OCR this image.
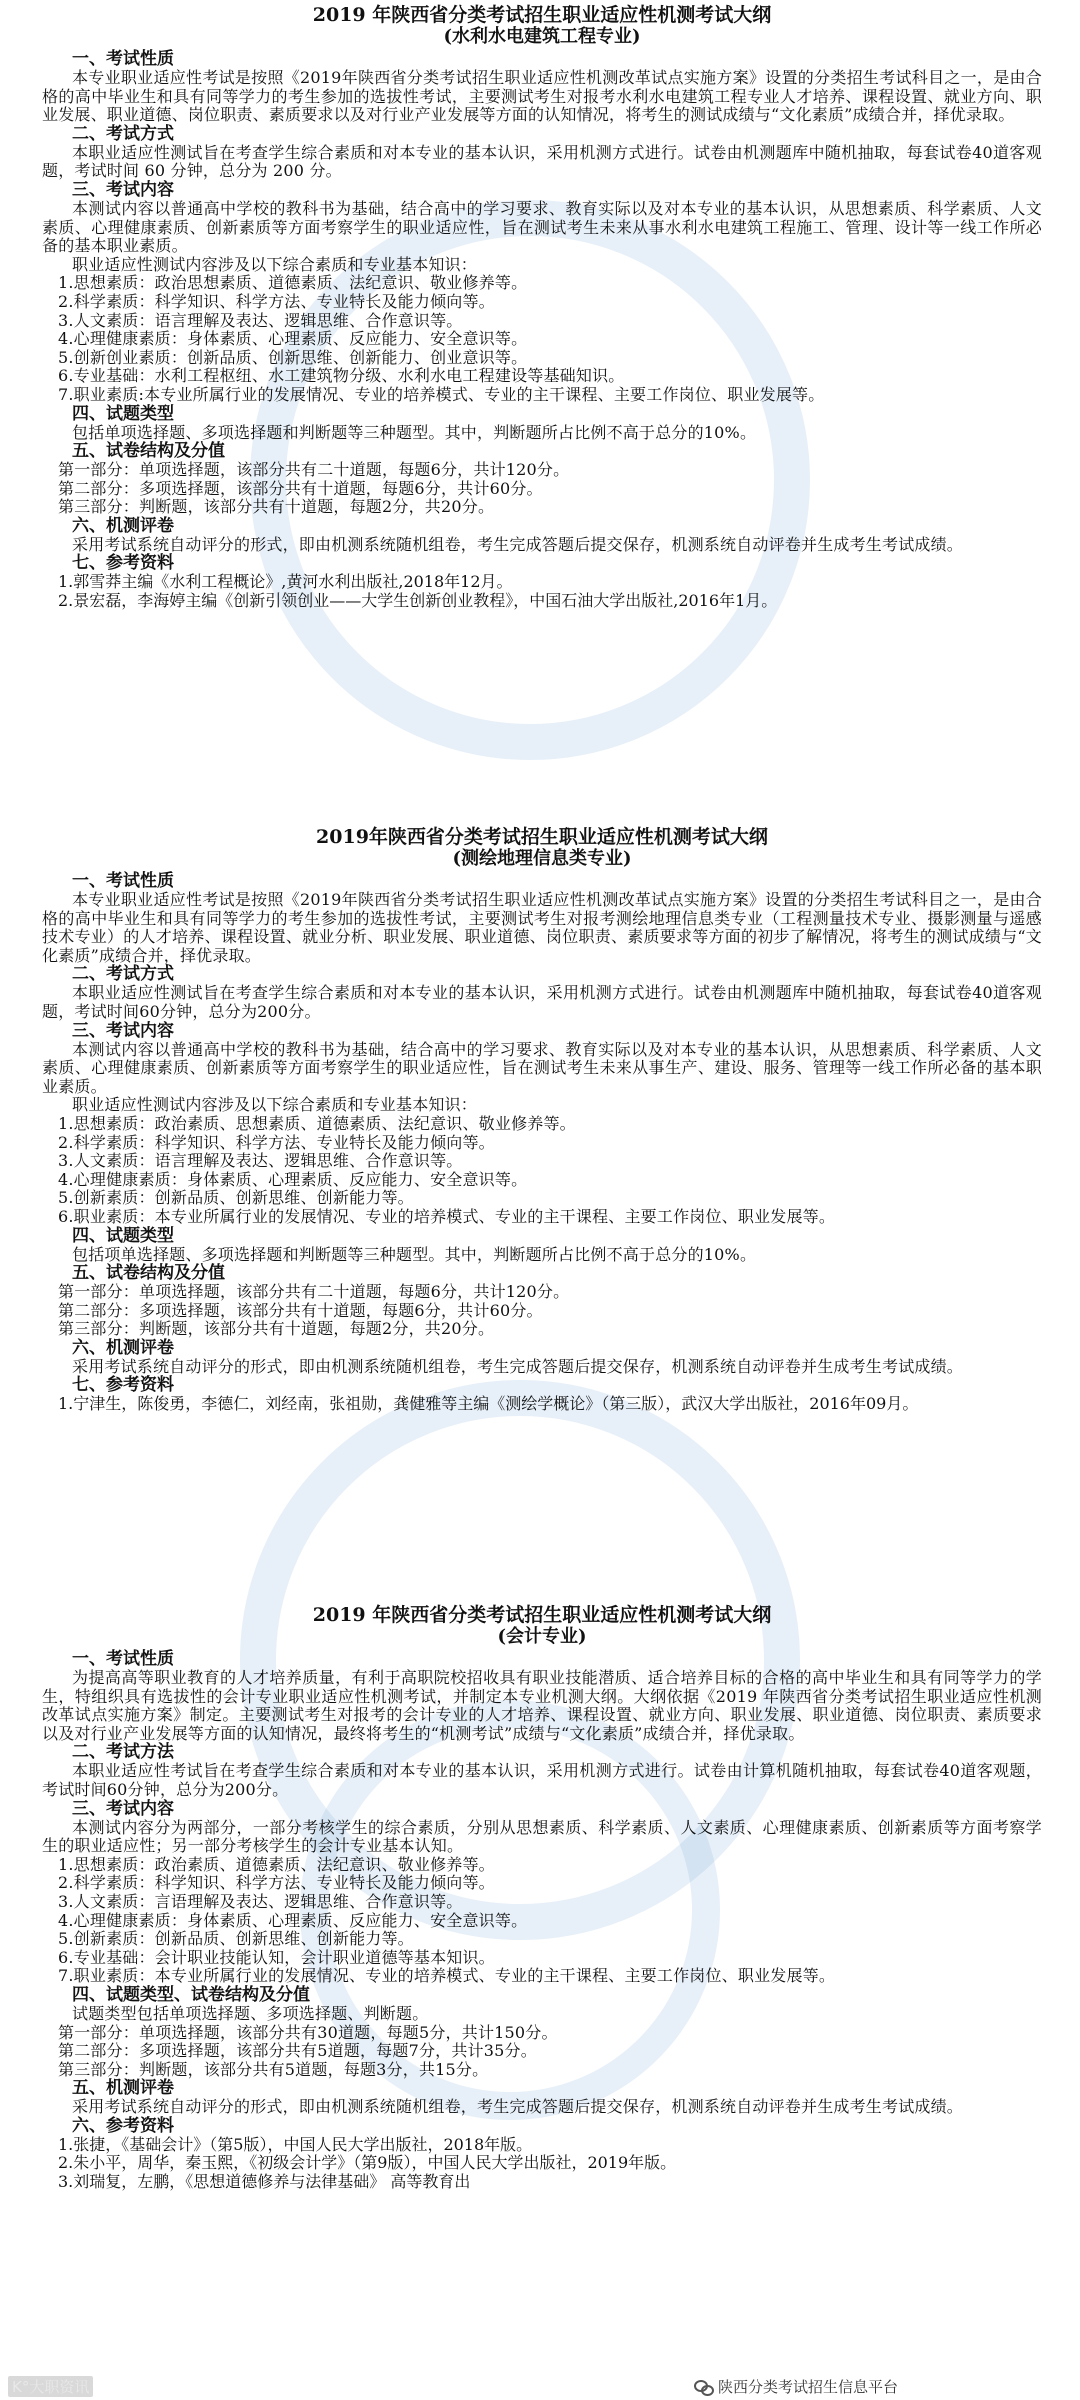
2019 年陕西省分类考试招生职业适应性机测考试大纲

(水利水电建筑工程专业)

一、考试性质

本专业职业适应性考试是按照《2019年陕西省分类考试招生职业适应性机测改革试点实施方案》设置的分类招生考试科目之一，是由合格的高中毕业生和具有同等学力的考生参加的选拔性考试，主要测试考生对报考水利水电建筑工程专业人才培养、课程设置、就业方向、职业发展、职业道德、岗位职责、素质要求以及对行业产业发展等方面的认知情况，将考生的测试成绩与“文化素质”成绩合并，择优录取。

二、考试方式

本职业适应性测试旨在考查学生综合素质和对本专业的基本认识，采用机测方式进行。试卷由机测题库中随机抽取，每套试卷40道客观题，考试时间 60 分钟，总分为 200 分。

三、考试内容

本测试内容以普通高中学校的教科书为基础，结合高中的学习要求、教育实际以及对本专业的基本认识，从思想素质、科学素质、人文素质、心理健康素质、创新素质等方面考察学生的职业适应性，旨在测试考生未来从事水利水电建筑工程施工、管理、设计等一线工作所必备的基本职业素质。

职业适应性测试内容涉及以下综合素质和专业基本知识：

1.思想素质：政治思想素质、道德素质、法纪意识、敬业修养等。

2.科学素质：科学知识、科学方法、专业特长及能力倾向等。

3.人文素质：语言理解及表达、逻辑思维、合作意识等。

4.心理健康素质：身体素质、心理素质、反应能力、安全意识等。

5.创新创业素质：创新品质、创新思维、创新能力、创业意识等。

6.专业基础：水利工程枢纽、水工建筑物分级、水利水电工程建设等基础知识。

7.职业素质:本专业所属行业的发展情况、专业的培养模式、专业的主干课程、主要工作岗位、职业发展等。

四、试题类型

包括单项选择题、多项选择题和判断题等三种题型。其中，判断题所占比例不高于总分的10%。

五、试卷结构及分值

第一部分：单项选择题，该部分共有二十道题，每题6分，共计120分。

第二部分：多项选择题，该部分共有十道题，每题6分，共计60分。

第三部分：判断题，该部分共有十道题，每题2分，共20分。

六、机测评卷

采用考试系统自动评分的形式，即由机测系统随机组卷，考生完成答题后提交保存，机测系统自动评卷并生成考生考试成绩。

七、参考资料

1.郭雪莽主编《水利工程概论》,黄河水利出版社,2018年12月。

2.景宏磊，李海婷主编《创新引领创业——大学生创新创业教程》，中国石油大学出版社,2016年1月。

2019年陕西省分类考试招生职业适应性机测考试大纲

(测绘地理信息类专业)

一、考试性质

本专业职业适应性考试是按照《2019年陕西省分类考试招生职业适应性机测改革试点实施方案》设置的分类招生考试科目之一，是由合格的高中毕业生和具有同等学力的考生参加的选拔性考试，主要测试考生对报考测绘地理信息类专业（工程测量技术专业、摄影测量与遥感技术专业）的人才培养、课程设置、就业分析、职业发展、职业道德、岗位职责、素质要求等方面的初步了解情况，将考生的测试成绩与“文化素质”成绩合并，择优录取。

二、考试方式

本职业适应性测试旨在考查学生综合素质和对本专业的基本认识，采用机测方式进行。试卷由机测题库中随机抽取，每套试卷40道客观题，考试时间60分钟，总分为200分。

三、考试内容

本测试内容以普通高中学校的教科书为基础，结合高中的学习要求、教育实际以及对本专业的基本认识，从思想素质、科学素质、人文素质、心理健康素质、创新素质等方面考察学生的职业适应性，旨在测试考生未来从事生产、建设、服务、管理等一线工作所必备的基本职业素质。

职业适应性测试内容涉及以下综合素质和专业基本知识：

1.思想素质：政治素质、思想素质、道德素质、法纪意识、敬业修养等。

2.科学素质：科学知识、科学方法、专业特长及能力倾向等。

3.人文素质：语言理解及表达、逻辑思维、合作意识等。

4.心理健康素质：身体素质、心理素质、反应能力、安全意识等。

5.创新素质：创新品质、创新思维、创新能力等。

6.职业素质：本专业所属行业的发展情况、专业的培养模式、专业的主干课程、主要工作岗位、职业发展等。

四、试题类型

包括项单选择题、多项选择题和判断题等三种题型。其中，判断题所占比例不高于总分的10%。

五、试卷结构及分值

第一部分：单项选择题，该部分共有二十道题，每题6分，共计120分。

第二部分：多项选择题，该部分共有十道题，每题6分，共计60分。

第三部分：判断题，该部分共有十道题，每题2分，共20分。

六、机测评卷

采用考试系统自动评分的形式，即由机测系统随机组卷，考生完成答题后提交保存，机测系统自动评卷并生成考生考试成绩。

七、参考资料

1.宁津生，陈俊勇，李德仁，刘经南，张祖勋，龚健雅等主编《测绘学概论》（第三版），武汉大学出版社，2016年09月。

2019 年陕西省分类考试招生职业适应性机测考试大纲

(会计专业)

一、考试性质

为提高高等职业教育的人才培养质量，有利于高职院校招收具有职业技能潜质、适合培养目标的合格的高中毕业生和具有同等学力的学生，特组织具有选拔性的会计专业职业适应性机测考试，并制定本专业机测大纲。大纲依据《2019 年陕西省分类考试招生职业适应性机测改革试点实施方案》制定。主要测试考生对报考的会计专业的人才培养、课程设置、就业方向、职业发展、职业道德、岗位职责、素质要求以及对行业产业发展等方面的认知情况，最终将考生的“机测考试”成绩与“文化素质”成绩合并，择优录取。

二、考试方法

本职业适应性考试旨在考查学生综合素质和对本专业的基本认识，采用机测方式进行。试卷由计算机随机抽取，每套试卷40道客观题，考试时间60分钟，总分为200分。

三、考试内容

本测试内容分为两部分，一部分考核学生的综合素质，分别从思想素质、科学素质、人文素质、心理健康素质、创新素质等方面考察学生的职业适应性；另一部分考核学生的会计专业基本认知。

1.思想素质：政治素质、道德素质、法纪意识、敬业修养等。

2.科学素质：科学知识、科学方法、专业特长及能力倾向等。

3.人文素质：言语理解及表达、逻辑思维、合作意识等。

4.心理健康素质：身体素质、心理素质、反应能力、安全意识等。

5.创新素质：创新品质、创新思维、创新能力等。

6.专业基础：会计职业技能认知，会计职业道德等基本知识。

7.职业素质：本专业所属行业的发展情况、专业的培养模式、专业的主干课程、主要工作岗位、职业发展等。

四、试题类型、试卷结构及分值

试题类型包括单项选择题、多项选择题、判断题。

第一部分：单项选择题，该部分共有30道题，每题5分，共计150分。

第二部分：多项选择题，该部分共有5道题，每题7分，共计35分。

第三部分：判断题，该部分共有5道题，每题3分，共15分。

五、机测评卷

采用考试系统自动评分的形式，即由机测系统随机组卷，考生完成答题后提交保存，机测系统自动评卷并生成考生考试成绩。

六、参考资料

1.张捷，《基础会计》（第5版），中国人民大学出版社，2018年版。

2.朱小平，周华，秦玉熙，《初级会计学》（第9版），中国人民大学出版社，2019年版。

3.刘瑞复，左鹏，《思想道德修养与法律基础》 高等教育出

K°大职资讯	陕西分类考试招生信息平台
